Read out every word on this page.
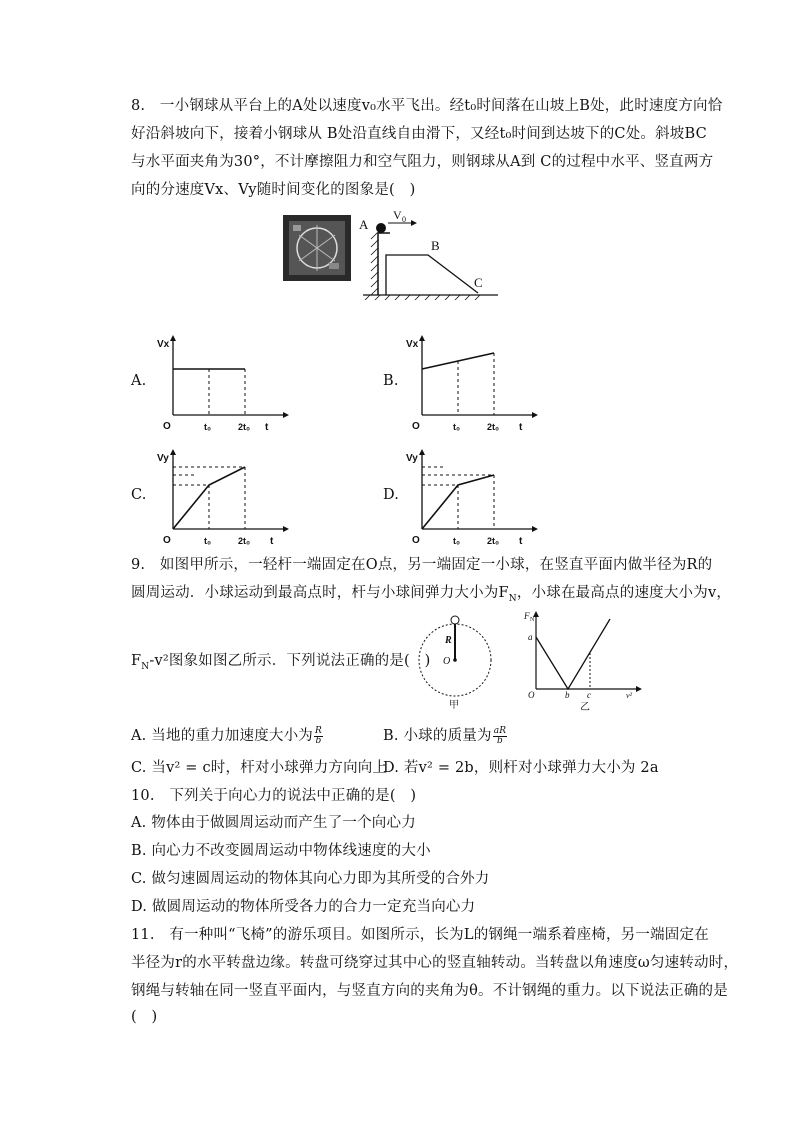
8.　一小钢球从平台上的A处以速度v₀水平飞出。经t₀时间落在山坡上B处，此时速度方向恰
好沿斜坡向下，接着小钢球从 B处沿直线自由滑下，又经t₀时间到达坡下的C处。斜坡BC
与水平面夹角为30°，不计摩擦阻力和空气阻力，则钢球从A到 C的过程中水平、竖直两方
向的分速度Vx、Vy随时间变化的图象是(　)
A
V 0
B
C
A.
Vx
O	t₀	2t₀ t
B.
Vx
O	t₀	2t₀ t
C.
Vy
O	t₀	2t₀ t
D.
Vy
O	t₀	2t₀ t
9.　如图甲所示，一轻杆一端固定在O点，另一端固定一小球，在竖直平面内做半径为R的
圆周运动．小球运动到最高点时，杆与小球间弹力大小为$F_N$，小球在最高点的速度大小为v，
$F_N-v^2$图象如图乙所示．下列说法正确的是(　)
R
O
甲
F N
a
O	b c	v²
乙
A. 当地的重力加速度大小为 $\frac{R}{b}$	B. 小球的质量为 $\frac{aR}{b}$
C. 当v² = c时，杆对小球弹力方向向上
D. 若v² = 2b，则杆对小球弹力大小为 2a
10.　下列关于向心力的说法中正确的是(　)
A. 物体由于做圆周运动而产生了一个向心力
B. 向心力不改变圆周运动中物体线速度的大小
C. 做匀速圆周运动的物体其向心力即为其所受的合外力
D. 做圆周运动的物体所受各力的合力一定充当向心力
11.　有一种叫“飞椅”的游乐项目。如图所示，长为L的钢绳一端系着座椅，另一端固定在
半径为r的水平转盘边缘。转盘可绕穿过其中心的竖直轴转动。当转盘以角速度ω匀速转动时，
钢绳与转轴在同一竖直平面内，与竖直方向的夹角为θ。不计钢绳的重力。以下说法正确的是
(　)
